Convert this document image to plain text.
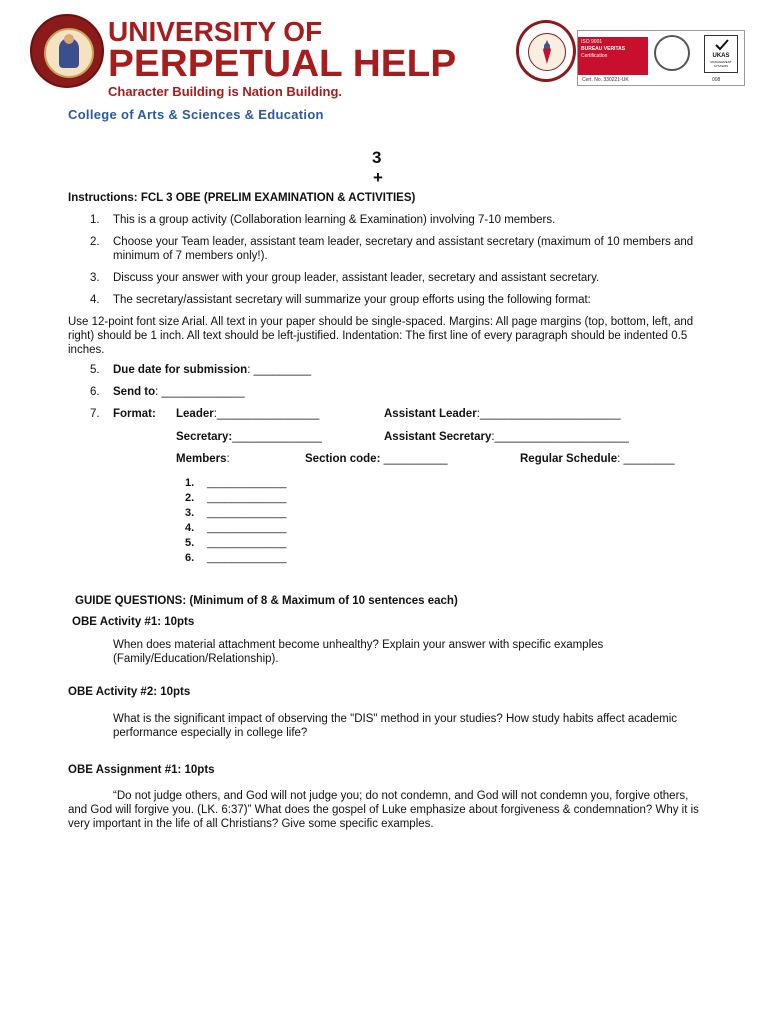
UNIVERSITY OF
PERPETUAL HELP
Character Building is Nation Building.
College of Arts & Sciences & Education
ISO 9001
BUREAU VERITAS
Certification	UKAS
MANAGEMENT SYSTEMS
Cert. No. 330221-UK	008
3
+
Instructions: FCL 3 OBE (PRELIM EXAMINATION & ACTIVITIES)
1. This is a group activity (Collaboration learning & Examination) involving 7-10 members.
2. Choose your Team leader, assistant team leader, secretary and assistant secretary (maximum of 10 members and minimum of 7 members only!).
3. Discuss your answer with your group leader, assistant leader, secretary and assistant secretary.
4. The secretary/assistant secretary will summarize your group efforts using the following format:
Use 12-point font size Arial. All text in your paper should be single-spaced. Margins: All page margins (top, bottom, left, and right) should be 1 inch. All text should be left-justified. Indentation: The first line of every paragraph should be indented 0.5 inches.
5. Due date for submission: _________
6. Send to: _____________
7. Format: Leader:________________	Assistant Leader:______________________
Secretary:______________	Assistant Secretary:_____________________
Members:	Section code: __________	Regular Schedule: ________
1. _____________
2. _____________
3. _____________
4. _____________
5. _____________
6. _____________
GUIDE QUESTIONS: (Minimum of 8 & Maximum of 10 sentences each)
OBE Activity #1: 10pts
When does material attachment become unhealthy? Explain your answer with specific examples (Family/Education/Relationship).
OBE Activity #2: 10pts
What is the significant impact of observing the "DIS" method in your studies? How study habits affect academic performance especially in college life?
OBE Assignment #1: 10pts
“Do not judge others, and God will not judge you; do not condemn, and God will not condemn you, forgive others, and God will forgive you. (LK. 6:37)” What does the gospel of Luke emphasize about forgiveness & condemnation? Why it is very important in the life of all Christians? Give some specific examples.
